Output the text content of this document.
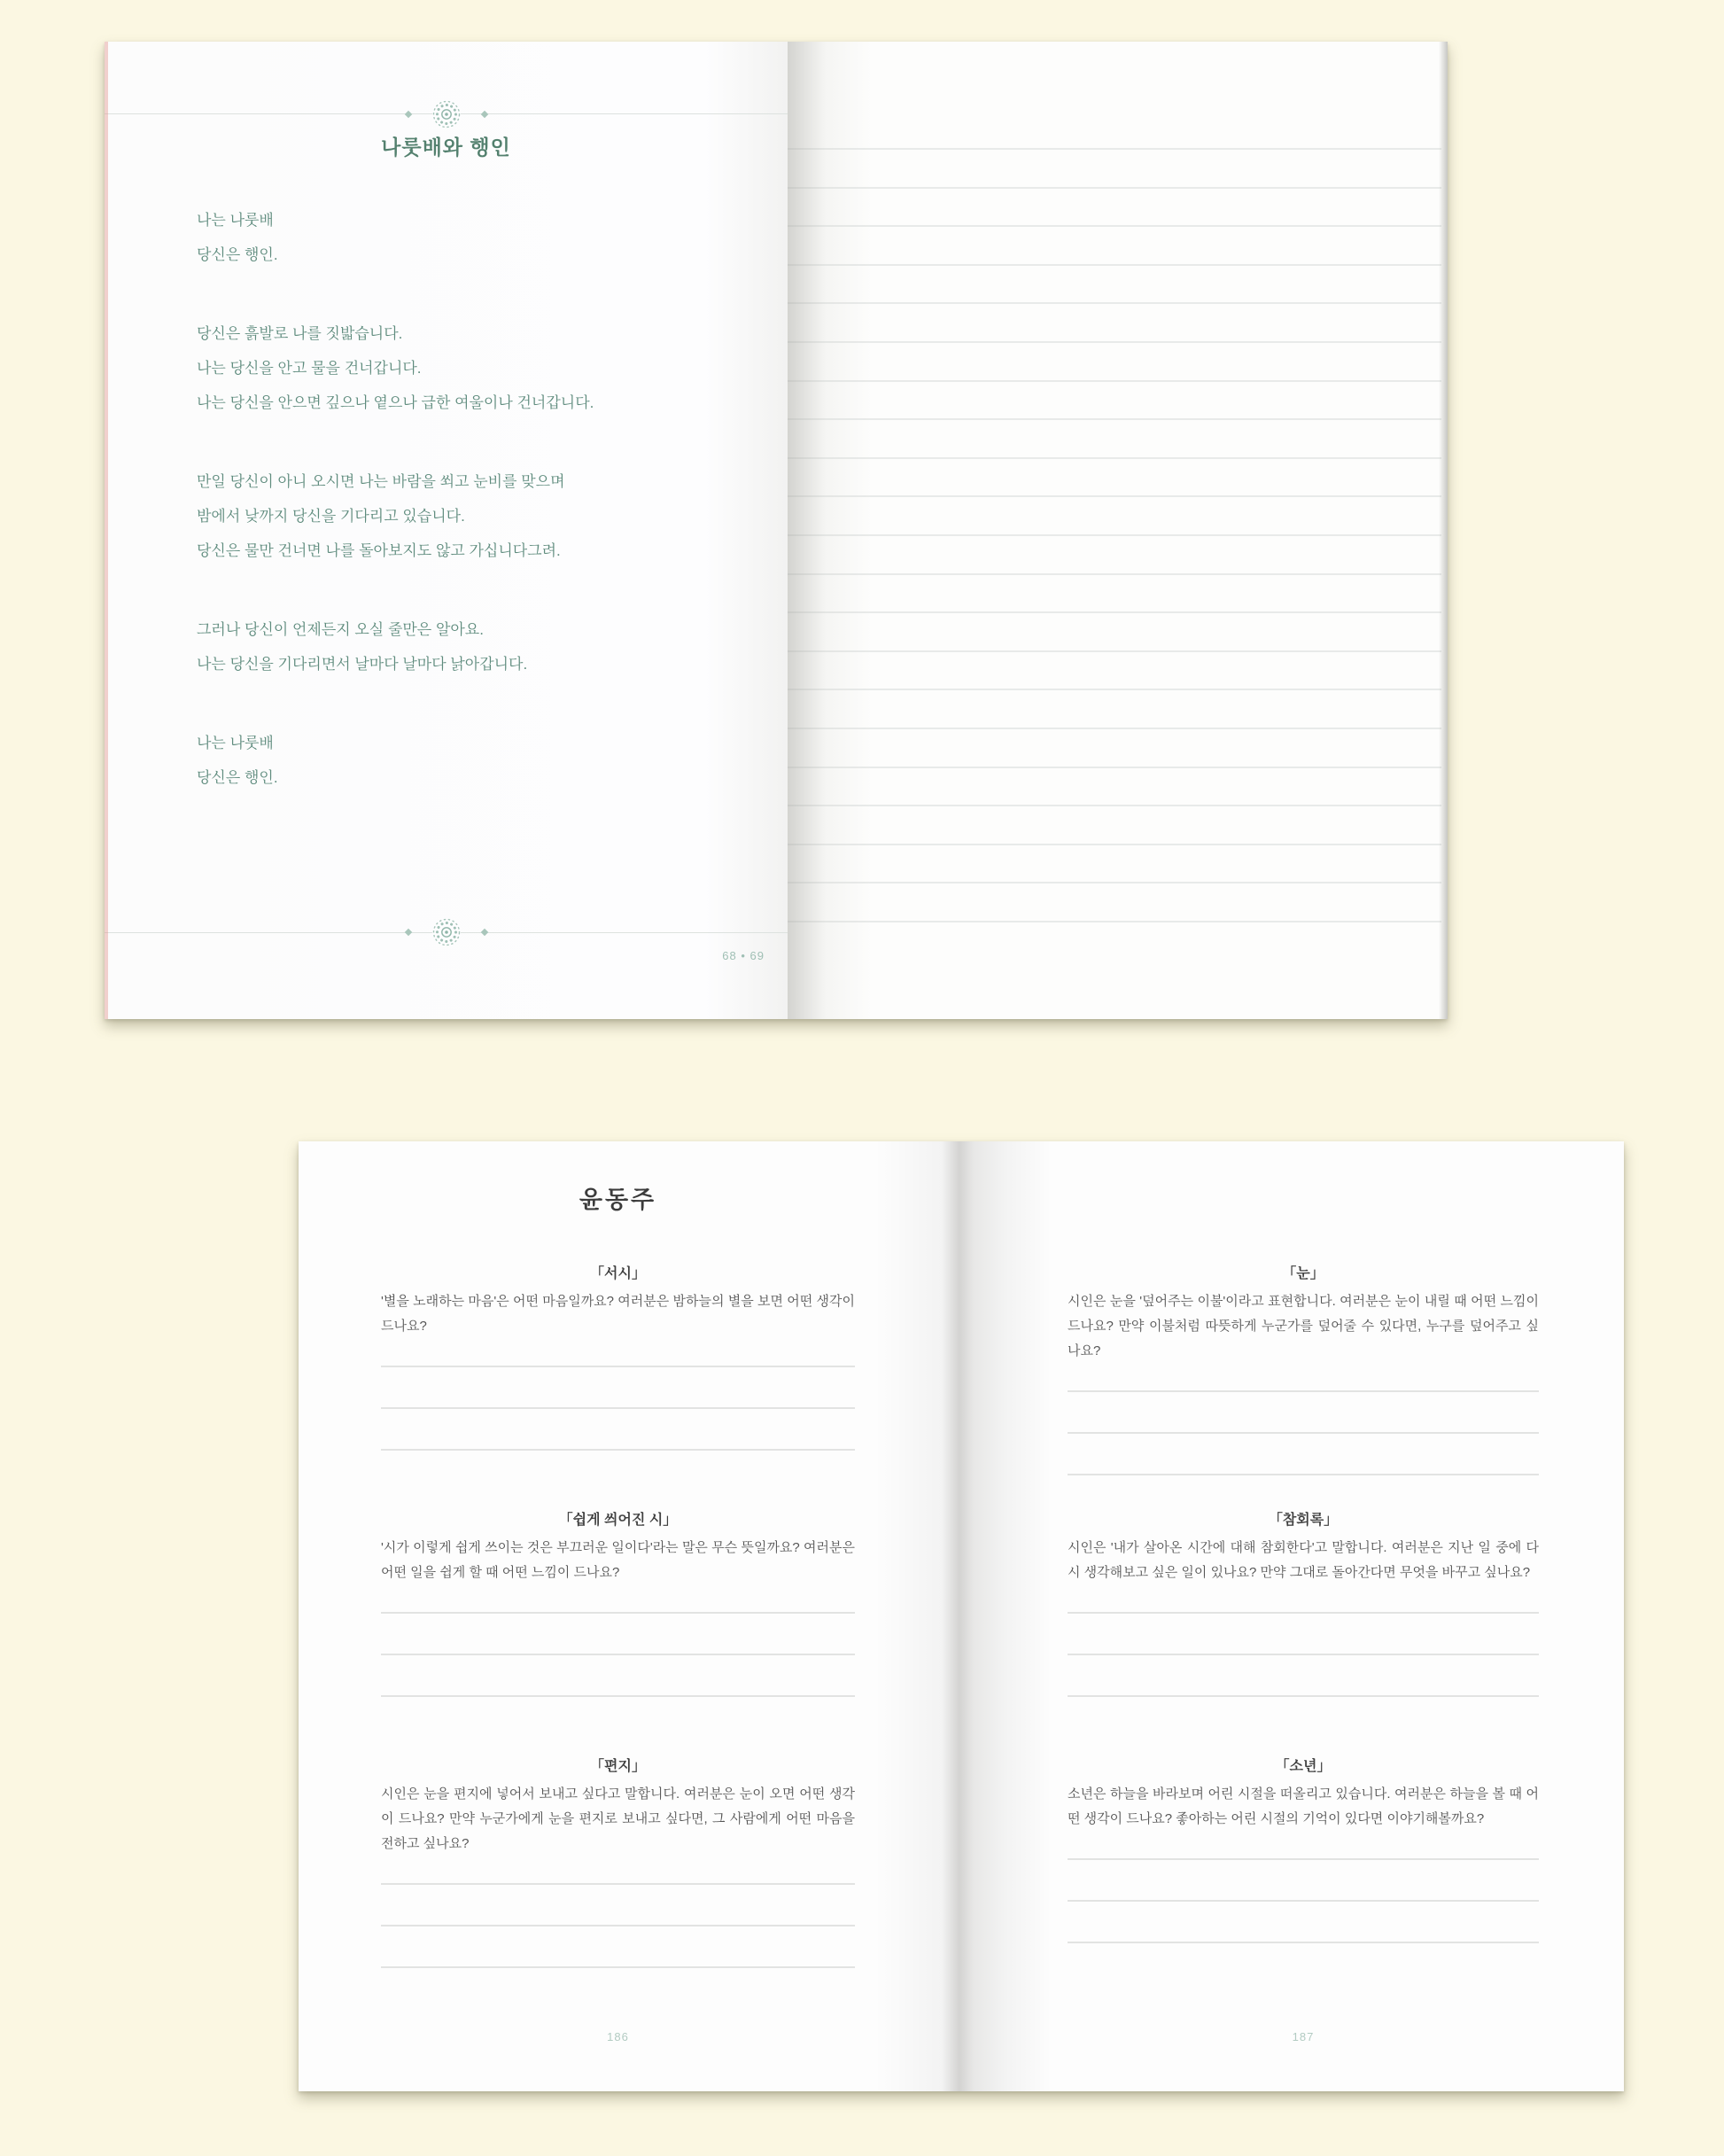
나룻배와 행인
나는 나룻배
당신은 행인.
당신은 흙발로 나를 짓밟습니다.
나는 당신을 안고 물을 건너갑니다.
나는 당신을 안으면 깊으나 옅으나 급한 여울이나 건너갑니다.
만일 당신이 아니 오시면 나는 바람을 쐬고 눈비를 맞으며
밤에서 낮까지 당신을 기다리고 있습니다.
당신은 물만 건너면 나를 돌아보지도 않고 가십니다그려.
그러나 당신이 언제든지 오실 줄만은 알아요.
나는 당신을 기다리면서 날마다 날마다 낡아갑니다.
나는 나룻배
당신은 행인.
68 • 69
윤동주
「서시」
'별을 노래하는 마음'은 어떤 마음일까요? 여러분은 밤하늘의 별을 보면 어떤 생각이 드나요?
「쉽게 씌어진 시」
'시가 이렇게 쉽게 쓰이는 것은 부끄러운 일이다'라는 말은 무슨 뜻일까요? 여러분은 어떤 일을 쉽게 할 때 어떤 느낌이 드나요?
「편지」
시인은 눈을 편지에 넣어서 보내고 싶다고 말합니다. 여러분은 눈이 오면 어떤 생각이 드나요? 만약 누군가에게 눈을 편지로 보내고 싶다면, 그 사람에게 어떤 마음을 전하고 싶나요?
186
「눈」
시인은 눈을 '덮어주는 이불'이라고 표현합니다. 여러분은 눈이 내릴 때 어떤 느낌이 드나요? 만약 이불처럼 따뜻하게 누군가를 덮어줄 수 있다면, 누구를 덮어주고 싶나요?
「참회록」
시인은 '내가 살아온 시간에 대해 참회한다'고 말합니다. 여러분은 지난 일 중에 다시 생각해보고 싶은 일이 있나요? 만약 그대로 돌아간다면 무엇을 바꾸고 싶나요?
「소년」
소년은 하늘을 바라보며 어린 시절을 떠올리고 있습니다. 여러분은 하늘을 볼 때 어떤 생각이 드나요? 좋아하는 어린 시절의 기억이 있다면 이야기해볼까요?
187
